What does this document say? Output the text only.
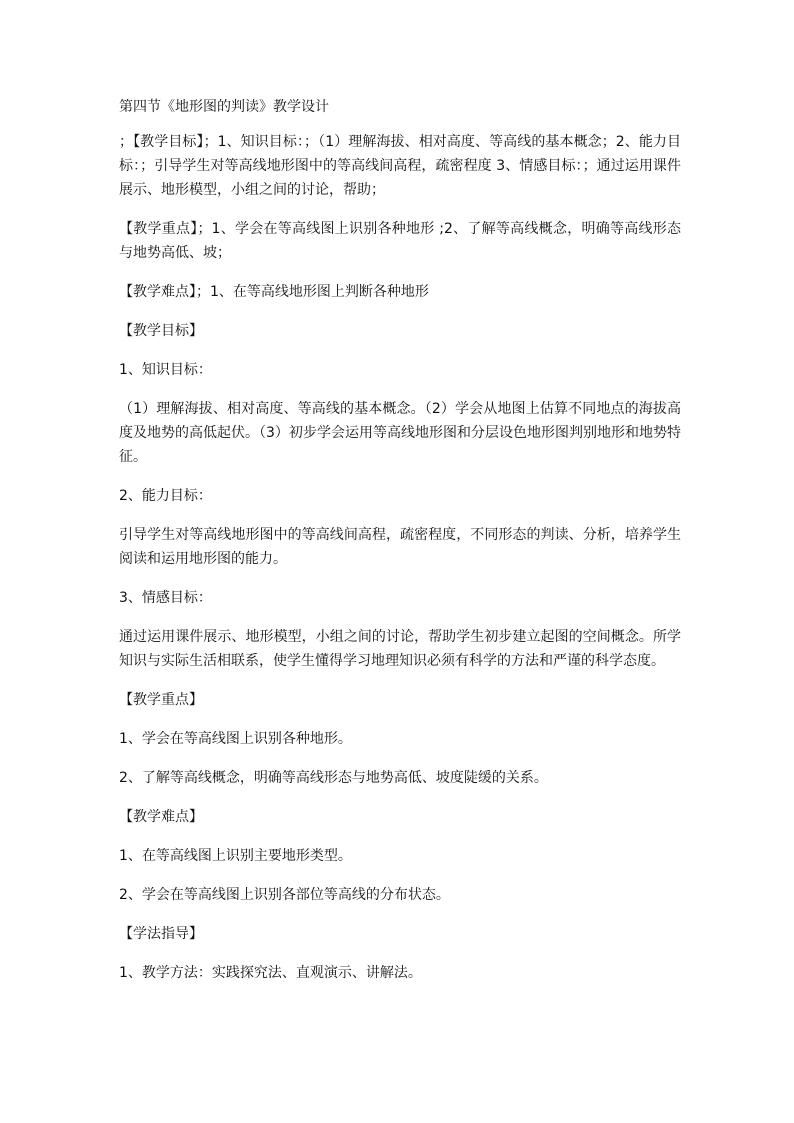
第四节《地形图的判读》教学设计

；【教学目标】；1、知识目标：；（1）理解海拔、相对高度、等高线的基本概念；2、能力目标：；引导学生对等高线地形图中的等高线间高程，疏密程度 3、情感目标：；通过运用课件展示、地形模型，小组之间的讨论，帮助；

【教学重点】；1、学会在等高线图上识别各种地形 ;2、了解等高线概念，明确等高线形态与地势高低、坡；

【教学难点】；1、在等高线地形图上判断各种地形

【教学目标】

1、知识目标：

（1）理解海拔、相对高度、等高线的基本概念。（2）学会从地图上估算不同地点的海拔高度及地势的高低起伏。（3）初步学会运用等高线地形图和分层设色地形图判别地形和地势特征。

2、能力目标：

引导学生对等高线地形图中的等高线间高程，疏密程度，不同形态的判读、分析，培养学生阅读和运用地形图的能力。

3、情感目标：

通过运用课件展示、地形模型，小组之间的讨论，帮助学生初步建立起图的空间概念。所学知识与实际生活相联系，使学生懂得学习地理知识必须有科学的方法和严谨的科学态度。

【教学重点】

1、学会在等高线图上识别各种地形。

2、了解等高线概念，明确等高线形态与地势高低、坡度陡缓的关系。

【教学难点】

1、在等高线图上识别主要地形类型。

2、学会在等高线图上识别各部位等高线的分布状态。

【学法指导】

1、教学方法：实践探究法、直观演示、讲解法。
